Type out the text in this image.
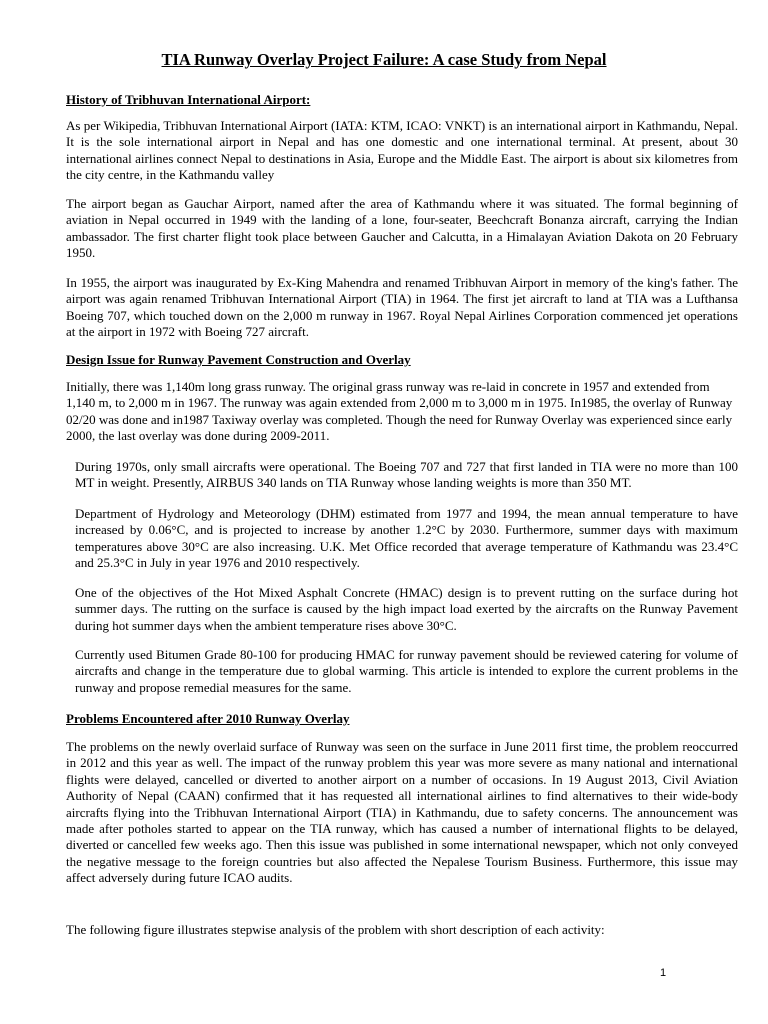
TIA Runway Overlay Project Failure: A case Study from Nepal
History of Tribhuvan International Airport:

As per Wikipedia, Tribhuvan International Airport (IATA: KTM, ICAO: VNKT) is an international airport in Kathmandu, Nepal. It is the sole international airport in Nepal and has one domestic and one international terminal. At present, about 30 international airlines connect Nepal to destinations in Asia, Europe and the Middle East. The airport is about six kilometres from the city centre, in the Kathmandu valley

The airport began as Gauchar Airport, named after the area of Kathmandu where it was situated. The formal beginning of aviation in Nepal occurred in 1949 with the landing of a lone, four-seater, Beechcraft Bonanza aircraft, carrying the Indian ambassador. The first charter flight took place between Gaucher and Calcutta, in a Himalayan Aviation Dakota on 20 February 1950.

In 1955, the airport was inaugurated by Ex-King Mahendra and renamed Tribhuvan Airport in memory of the king's father. The airport was again renamed Tribhuvan International Airport (TIA) in 1964. The first jet aircraft to land at TIA was a Lufthansa Boeing 707, which touched down on the 2,000 m runway in 1967. Royal Nepal Airlines Corporation commenced jet operations at the airport in 1972 with Boeing 727 aircraft.

Design Issue for Runway Pavement Construction and Overlay

Initially, there was 1,140m long grass runway. The original grass runway was re-laid in concrete in 1957 and extended from 1,140 m, to 2,000 m in 1967. The runway was again extended from 2,000 m to 3,000 m in 1975. In1985, the overlay of Runway 02/20 was done and in1987 Taxiway overlay was completed. Though the need for Runway Overlay was experienced since early 2000, the last overlay was done during 2009-2011.

During 1970s, only small aircrafts were operational. The Boeing 707 and 727 that first landed in TIA were no more than 100 MT in weight. Presently, AIRBUS 340 lands on TIA Runway whose landing weights is more than 350 MT.

Department of Hydrology and Meteorology (DHM) estimated from 1977 and 1994, the mean annual temperature to have increased by 0.06°C, and is projected to increase by another 1.2°C by 2030. Furthermore, summer days with maximum temperatures above 30°C are also increasing. U.K. Met Office recorded that average temperature of Kathmandu was 23.4°C and 25.3°C in July in year 1976 and 2010 respectively.

One of the objectives of the Hot Mixed Asphalt Concrete (HMAC) design is to prevent rutting on the surface during hot summer days. The rutting on the surface is caused by the high impact load exerted by the aircrafts on the Runway Pavement during hot summer days when the ambient temperature rises above 30°C.

Currently used Bitumen Grade 80-100 for producing HMAC for runway pavement should be reviewed catering for volume of aircrafts and change in the temperature due to global warming. This article is intended to explore the current problems in the runway and propose remedial measures for the same.

Problems Encountered after 2010 Runway Overlay

The problems on the newly overlaid surface of Runway was seen on the surface in June 2011 first time, the problem reoccurred in 2012 and this year as well. The impact of the runway problem this year was more severe as many national and international flights were delayed, cancelled or diverted to another airport on a number of occasions. In 19 August 2013, Civil Aviation Authority of Nepal (CAAN) confirmed that it has requested all international airlines to find alternatives to their wide-body aircrafts flying into the Tribhuvan International Airport (TIA) in Kathmandu, due to safety concerns. The announcement was made after potholes started to appear on the TIA runway, which has caused a number of international flights to be delayed, diverted or cancelled few weeks ago. Then this issue was published in some international newspaper, which not only conveyed the negative message to the foreign countries but also affected the Nepalese Tourism Business. Furthermore, this issue may affect adversely during future ICAO audits.

The following figure illustrates stepwise analysis of the problem with short description of each activity:

1
